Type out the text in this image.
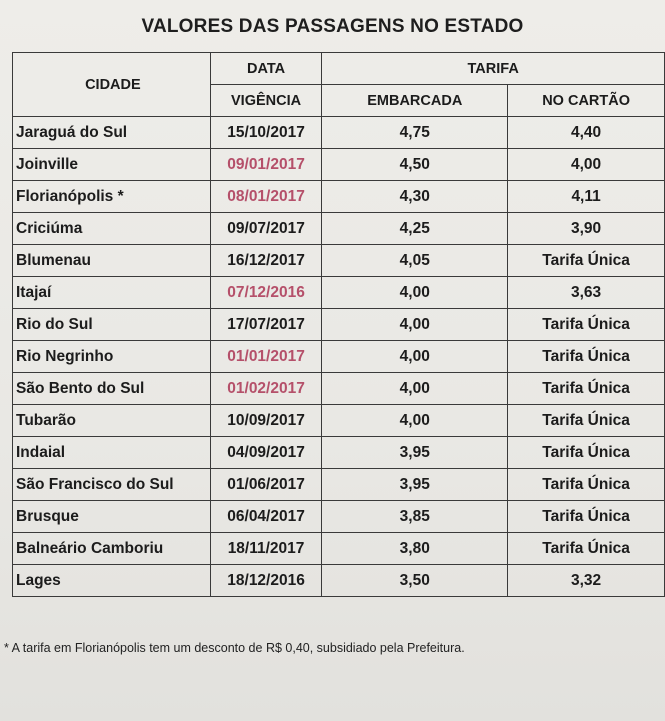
VALORES DAS PASSAGENS NO ESTADO
CIDADE	DATA	TARIFA	
	VIGÊNCIA	EMBARCADA	NO CARTÃO
Jaraguá do Sul	15/10/2017	4,75	4,40
Joinville	09/01/2017	4,50	4,00
Florianópolis *	08/01/2017	4,30	4,11
Criciúma	09/07/2017	4,25	3,90
Blumenau	16/12/2017	4,05	Tarifa Única
Itajaí	07/12/2016	4,00	3,63
Rio do Sul	17/07/2017	4,00	Tarifa Única
Rio Negrinho	01/01/2017	4,00	Tarifa Única
São Bento do Sul	01/02/2017	4,00	Tarifa Única
Tubarão	10/09/2017	4,00	Tarifa Única
Indaial	04/09/2017	3,95	Tarifa Única
São Francisco do Sul	01/06/2017	3,95	Tarifa Única
Brusque	06/04/2017	3,85	Tarifa Única
Balneário Camboriu	18/11/2017	3,80	Tarifa Única
Lages	18/12/2016	3,50	3,32
* A tarifa em Florianópolis tem um desconto de R$ 0,40, subsidiado pela Prefeitura.
